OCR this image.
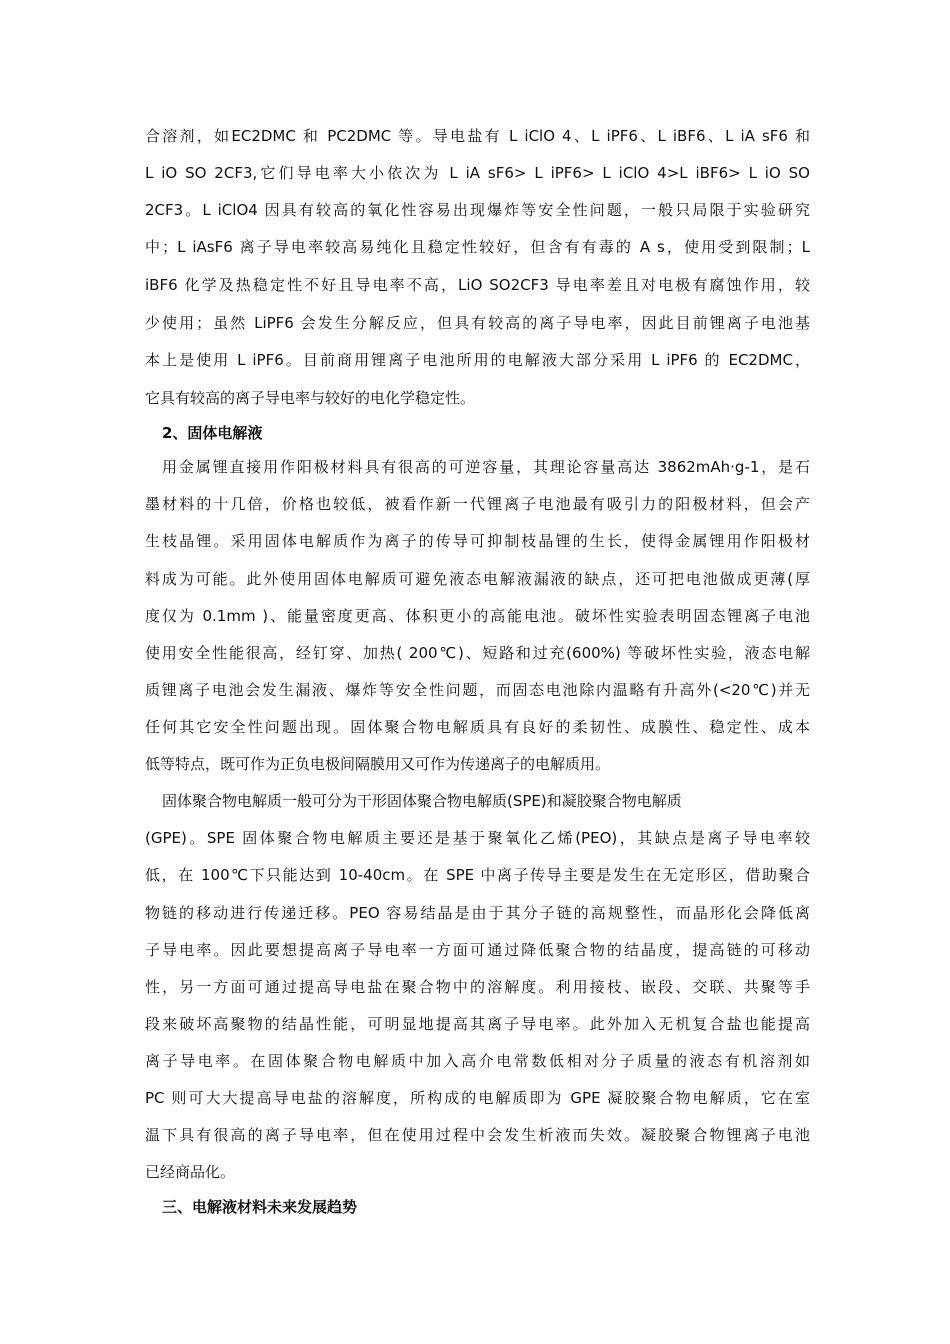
合溶剂，如EC2DMC 和 PC2DMC 等。导电盐有 L iClO 4、L iPF6、L iBF6、L iA sF6 和
L iO SO 2CF3,它们导电率大小依次为 L iA sF6> L iPF6> L iClO 4>L iBF6> L iO SO
2CF3。L iClO4 因具有较高的氧化性容易出现爆炸等安全性问题，一般只局限于实验研究
中；L iAsF6 离子导电率较高易纯化且稳定性较好，但含有有毒的 A s，使用受到限制；L
iBF6 化学及热稳定性不好且导电率不高，LiO SO2CF3 导电率差且对电极有腐蚀作用，较
少使用；虽然 LiPF6 会发生分解反应，但具有较高的离子导电率，因此目前锂离子电池基
本上是使用 L iPF6。目前商用锂离子电池所用的电解液大部分采用 L iPF6 的 EC2DMC，
它具有较高的离子导电率与较好的电化学稳定性。
2、固体电解液
用金属锂直接用作阳极材料具有很高的可逆容量，其理论容量高达 3862mAh·g-1，是石
墨材料的十几倍，价格也较低，被看作新一代锂离子电池最有吸引力的阳极材料，但会产
生枝晶锂。采用固体电解质作为离子的传导可抑制枝晶锂的生长，使得金属锂用作阳极材
料成为可能。此外使用固体电解质可避免液态电解液漏液的缺点，还可把电池做成更薄(厚
度仅为 0.1mm )、能量密度更高、体积更小的高能电池。破坏性实验表明固态锂离子电池
使用安全性能很高，经钉穿、加热( 200℃)、短路和过充(600%) 等破坏性实验，液态电解
质锂离子电池会发生漏液、爆炸等安全性问题，而固态电池除内温略有升高外(<20℃)并无
任何其它安全性问题出现。固体聚合物电解质具有良好的柔韧性、成膜性、稳定性、成本
低等特点，既可作为正负电极间隔膜用又可作为传递离子的电解质用。
固体聚合物电解质一般可分为干形固体聚合物电解质(SPE)和凝胶聚合物电解质
(GPE)。SPE 固体聚合物电解质主要还是基于聚氧化乙烯(PEO)，其缺点是离子导电率较
低，在 100℃下只能达到 10-40cm。在 SPE 中离子传导主要是发生在无定形区，借助聚合
物链的移动进行传递迁移。PEO 容易结晶是由于其分子链的高规整性，而晶形化会降低离
子导电率。因此要想提高离子导电率一方面可通过降低聚合物的结晶度，提高链的可移动
性，另一方面可通过提高导电盐在聚合物中的溶解度。利用接枝、嵌段、交联、共聚等手
段来破坏高聚物的结晶性能，可明显地提高其离子导电率。此外加入无机复合盐也能提高
离子导电率。在固体聚合物电解质中加入高介电常数低相对分子质量的液态有机溶剂如
PC 则可大大提高导电盐的溶解度，所构成的电解质即为 GPE 凝胶聚合物电解质，它在室
温下具有很高的离子导电率，但在使用过程中会发生析液而失效。凝胶聚合物锂离子电池
已经商品化。
三、电解液材料未来发展趋势
